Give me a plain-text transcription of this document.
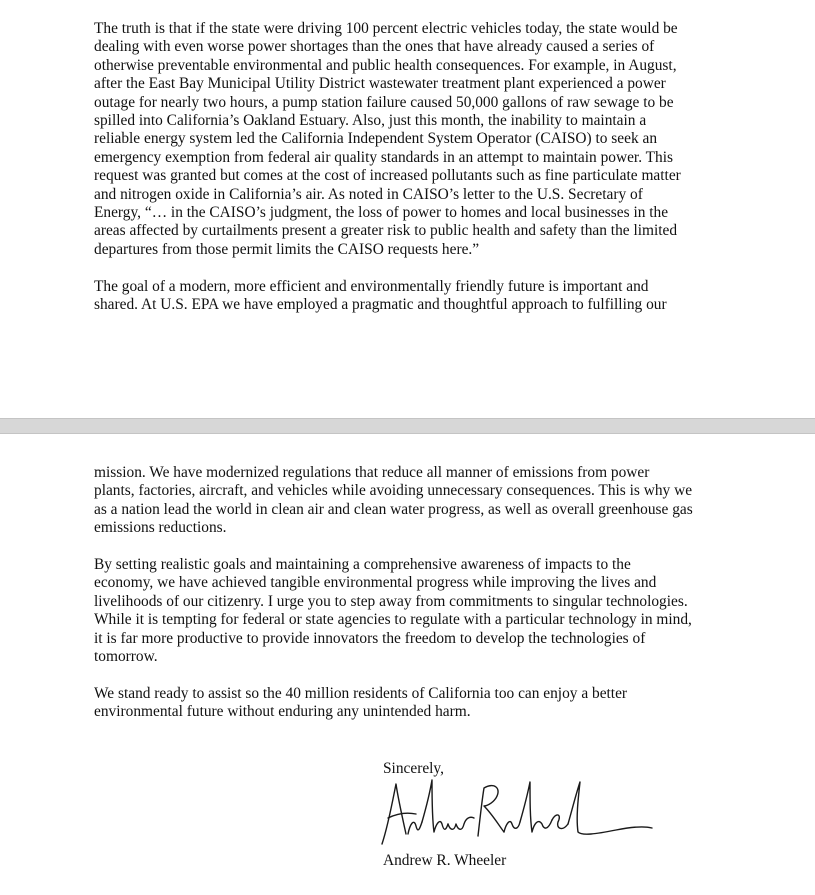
The truth is that if the state were driving 100 percent electric vehicles today, the state would be
dealing with even worse power shortages than the ones that have already caused a series of
otherwise preventable environmental and public health consequences. For example, in August,
after the East Bay Municipal Utility District wastewater treatment plant experienced a power
outage for nearly two hours, a pump station failure caused 50,000 gallons of raw sewage to be
spilled into California’s Oakland Estuary. Also, just this month, the inability to maintain a
reliable energy system led the California Independent System Operator (CAISO) to seek an
emergency exemption from federal air quality standards in an attempt to maintain power. This
request was granted but comes at the cost of increased pollutants such as fine particulate matter
and nitrogen oxide in California’s air. As noted in CAISO’s letter to the U.S. Secretary of
Energy, “… in the CAISO’s judgment, the loss of power to homes and local businesses in the
areas affected by curtailments present a greater risk to public health and safety than the limited
departures from those permit limits the CAISO requests here.”

The goal of a modern, more efficient and environmentally friendly future is important and
shared. At U.S. EPA we have employed a pragmatic and thoughtful approach to fulfilling our

mission. We have modernized regulations that reduce all manner of emissions from power
plants, factories, aircraft, and vehicles while avoiding unnecessary consequences. This is why we
as a nation lead the world in clean air and clean water progress, as well as overall greenhouse gas
emissions reductions.

By setting realistic goals and maintaining a comprehensive awareness of impacts to the
economy, we have achieved tangible environmental progress while improving the lives and
livelihoods of our citizenry. I urge you to step away from commitments to singular technologies.
While it is tempting for federal or state agencies to regulate with a particular technology in mind,
it is far more productive to provide innovators the freedom to develop the technologies of
tomorrow.

We stand ready to assist so the 40 million residents of California too can enjoy a better
environmental future without enduring any unintended harm.

Sincerely,
Andrew R. Wheeler
